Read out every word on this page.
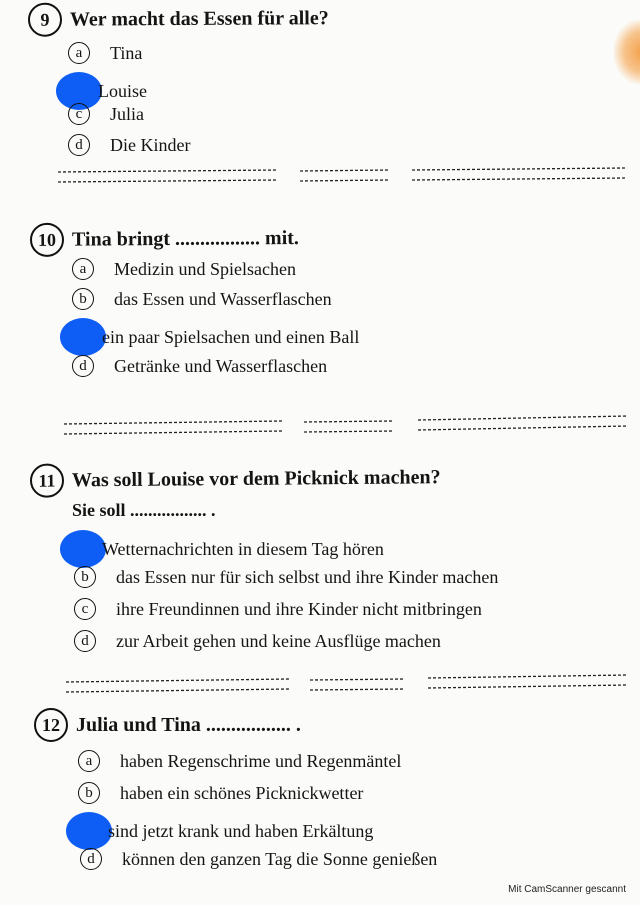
9	Wer macht das Essen für alle?
a	Tina
Louise
c	Julia
d	Die Kinder
10 Tina bringt ................. mit.
a	Medizin und Spielsachen
b	das Essen und Wasserflaschen
ein paar Spielsachen und einen Ball
d	Getränke und Wasserflaschen
11 Was soll Louise vor dem Picknick machen?
Sie soll ................. .
Wetternachrichten in diesem Tag hören
b	das Essen nur für sich selbst und ihre Kinder machen
c	ihre Freundinnen und ihre Kinder nicht mitbringen
d	zur Arbeit gehen und keine Ausflüge machen
12 Julia und Tina ................. .
a	haben Regenschrime und Regenmäntel
b	haben ein schönes Picknickwetter
sind jetzt krank und haben Erkältung
d	können den ganzen Tag die Sonne genießen
Mit CamScanner gescannt
